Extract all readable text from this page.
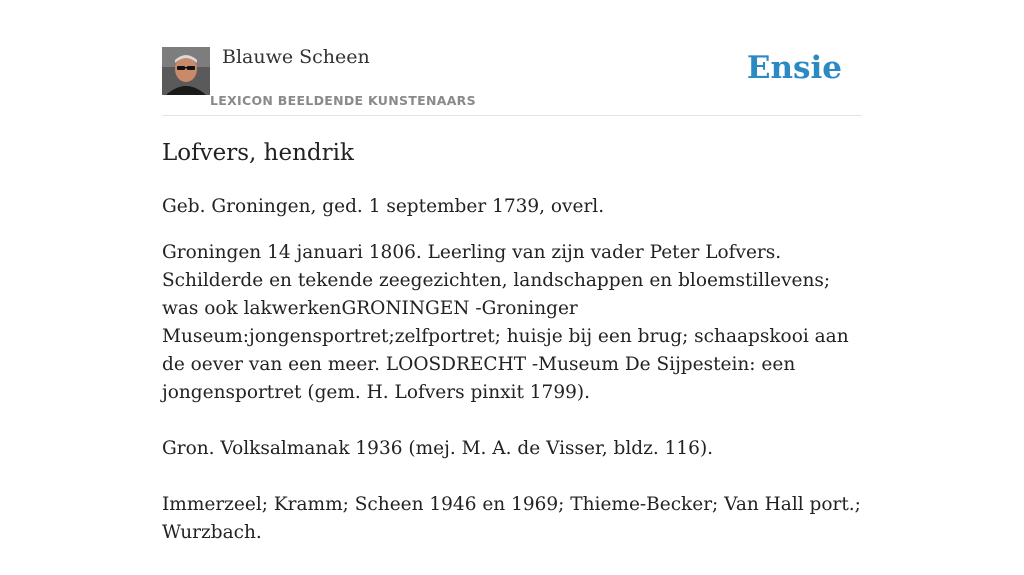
Blauwe Scheen
LEXICON BEELDENDE KUNSTENAARS
Ensie
Lofvers, hendrik

Geb. Groningen, ged. 1 september 1739, overl.

Groningen 14 januari 1806. Leerling van zijn vader Peter Lofvers. Schilderde en tekende zeegezichten, landschappen en bloemstillevens; was ook lakwerkenGRONINGEN -Groninger Museum:jongensportret;zelfportret; huisje bij een brug; schaapskooi aan de oever van een meer. LOOSDRECHT -Museum De Sijpestein: een jongensportret (gem. H. Lofvers pinxit 1799).

Gron. Volksalmanak 1936 (mej. M. A. de Visser, bldz. 116).

Immerzeel; Kramm; Scheen 1946 en 1969; Thieme-Becker; Van Hall port.; Wurzbach.
